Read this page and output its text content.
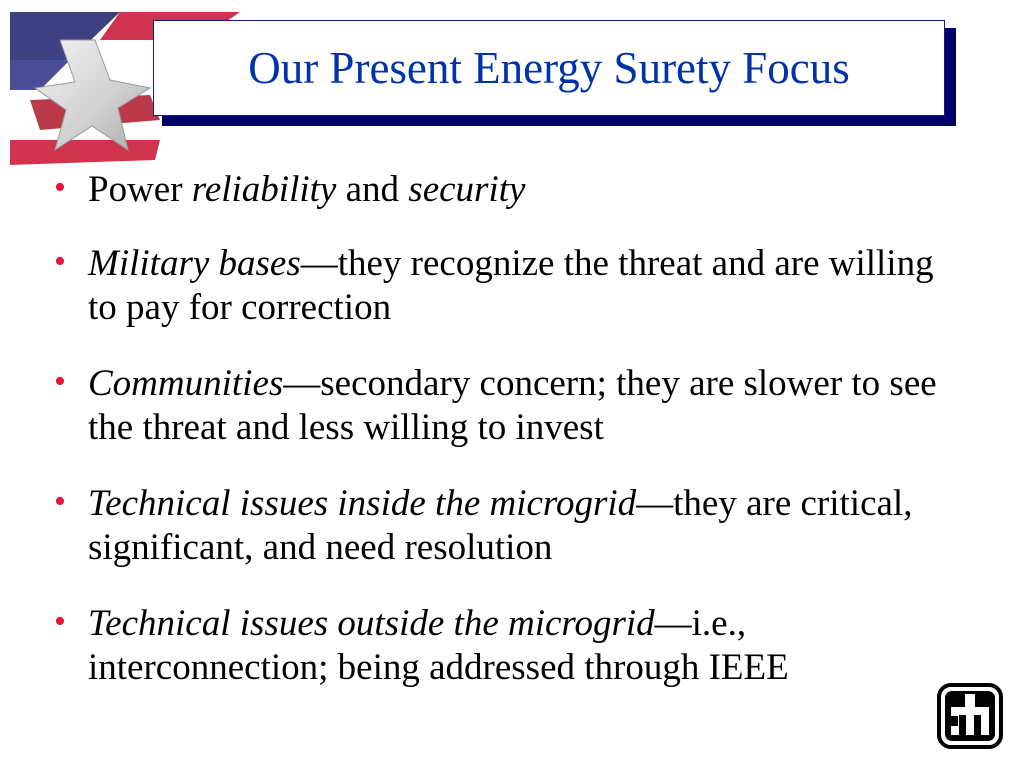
Our Present Energy Surety Focus
• Power reliability and security
• Military bases—they recognize the threat and are willing to pay for correction
• Communities—secondary concern; they are slower to see the threat and less willing to invest
• Technical issues inside the microgrid—they are critical, significant, and need resolution
• Technical issues outside the microgrid—i.e., interconnection; being addressed through IEEE
